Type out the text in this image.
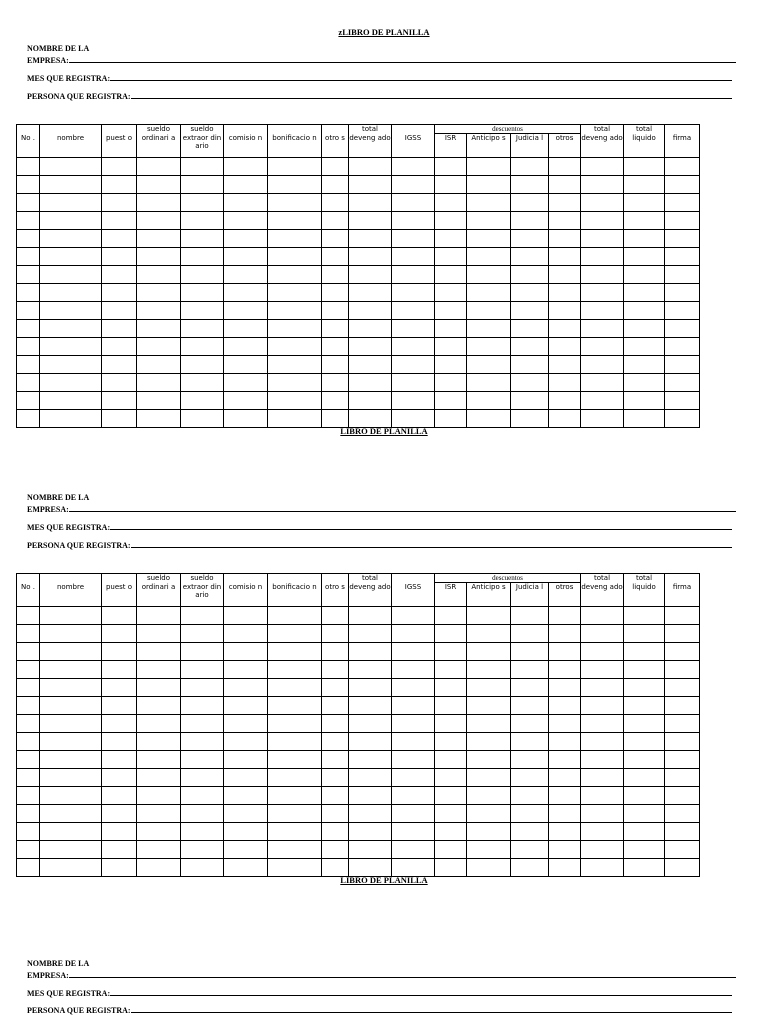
zLIBRO DE PLANILLA
NOMBRE DE LA
EMPRESA:
MES QUE REGISTRA:
PERSONA QUE REGISTRA:
			sueldo	sueldo				total		descuentos				total	total	
No .	nombre	puest o	ordinari a	extraor dinario	comisio n	bonificacio n	otro s	deveng ado	IGSS	ISR	Anticipo s	Judicia l	otros	deveng ado	liquido	firma

LIBRO DE PLANILLA
NOMBRE DE LA
EMPRESA:
MES QUE REGISTRA:
PERSONA QUE REGISTRA:
			sueldo	sueldo				total		descuentos				total	total	
No .	nombre	puest o	ordinari a	extraor dinario	comisio n	bonificacio n	otro s	deveng ado	IGSS	ISR	Anticipo s	Judicia l	otros	deveng ado	liquido	firma

LIBRO DE PLANILLA
NOMBRE DE LA
EMPRESA:
MES QUE REGISTRA:
PERSONA QUE REGISTRA:
